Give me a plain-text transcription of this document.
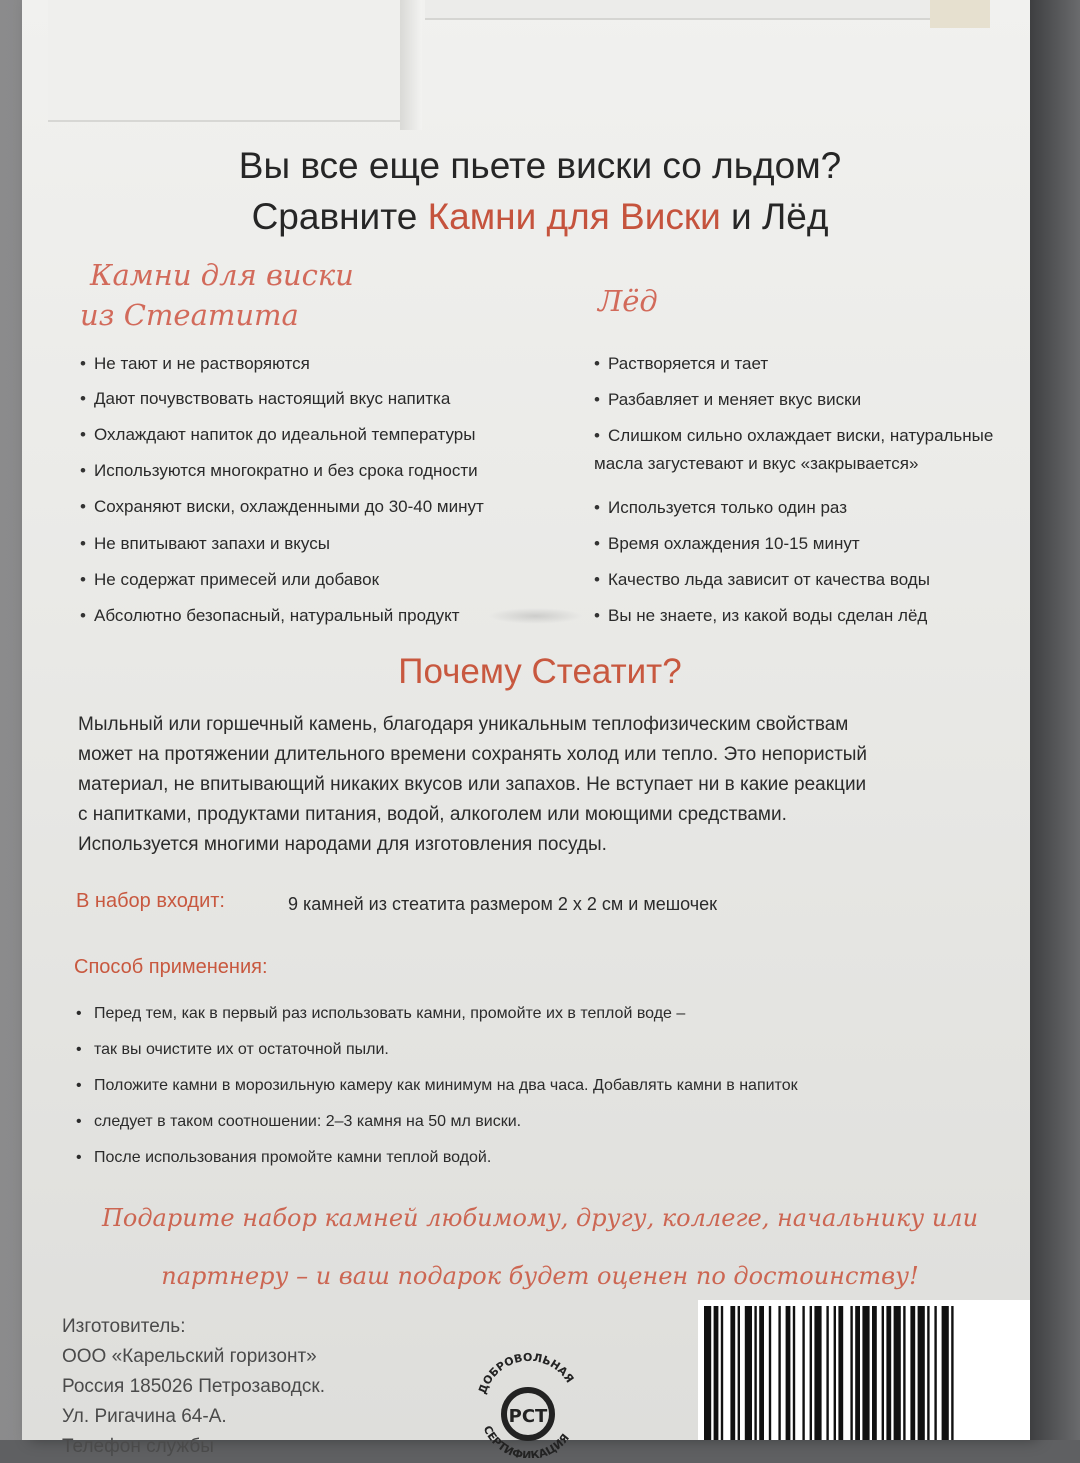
Вы все еще пьете виски со льдом?
Сравните Камни для Виски и Лёд
Камни для виски
из Стеатита	Лёд
• Не тают и не растворяются
• Дают почувствовать настоящий вкус напитка
• Охлаждают напиток до идеальной температуры
• Используются многократно и без срока годности
• Сохраняют виски, охлажденными до 30-40 минут
• Не впитывают запахи и вкусы
• Не содержат примесей или добавок
• Абсолютно безопасный, натуральный продукт
• Растворяется и тает
• Разбавляет и меняет вкус виски
• Слишком сильно охлаждает виски, натуральные
масла загустевают и вкус «закрывается»
• Используется только один раз
• Время охлаждения 10-15 минут
• Качество льда зависит от качества воды
• Вы не знаете, из какой воды сделан лёд
Почему Стеатит?
Мыльный или горшечный камень, благодаря уникальным теплофизическим свойствам
может на протяжении длительного времени сохранять холод или тепло. Это непористый
материал, не впитывающий никаких вкусов или запахов. Не вступает ни в какие реакции
с напитками, продуктами питания, водой, алкоголем или моющими средствами.
Используется многими народами для изготовления посуды.
В набор входит:	9 камней из стеатита размером 2 х 2 см и мешочек
Способ применения:
• Перед тем, как в первый раз использовать камни, промойте их в теплой воде –
• так вы очистите их от остаточной пыли.
• Положите камни в морозильную камеру как минимум на два часа. Добавлять камни в напиток
• следует в таком соотношении: 2–3 камня на 50 мл виски.
• После использования промойте камни теплой водой.
Подарите набор камней любимому, другу, коллеге, начальнику или
партнеру – и ваш подарок будет оценен по достоинству!
Изготовитель:
ООО «Карельский горизонт»
Россия 185026 Петрозаводск.
Ул. Ригачина 64-А.
Телефон службы
ДОБРОВОЛЬНАЯ
СЕРТИФИКАЦИЯ
РСТ
